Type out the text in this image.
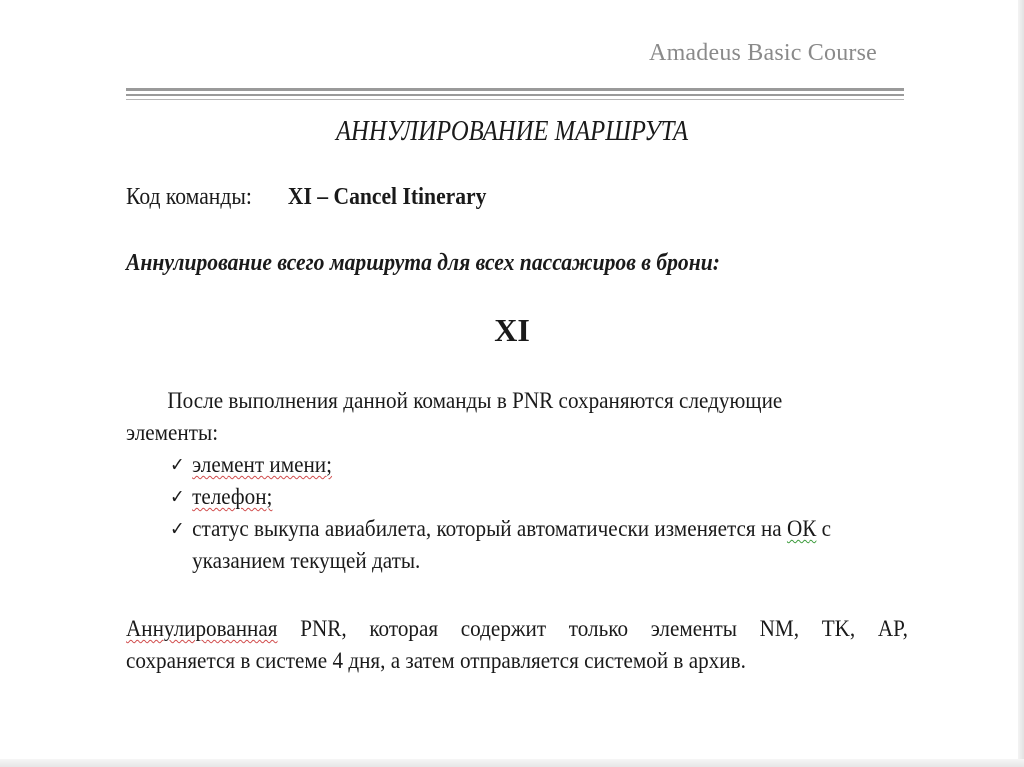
Amadeus Basic Course
АННУЛИРОВАНИЕ МАРШРУТА
Код команды: XI – Cancel Itinerary
Аннулирование всего маршрута для всех пассажиров в брони:
XI
После выполнения данной команды в PNR сохраняются следующие
элементы:
✓ элемент имени;
✓ телефон;
✓ статус выкупа авиабилета, который автоматически изменяется на ОК с
указанием текущей даты.
Аннулированная PNR, которая содержит только элементы NM, TK, AP,
сохраняется в системе 4 дня, а затем отправляется системой в архив.
